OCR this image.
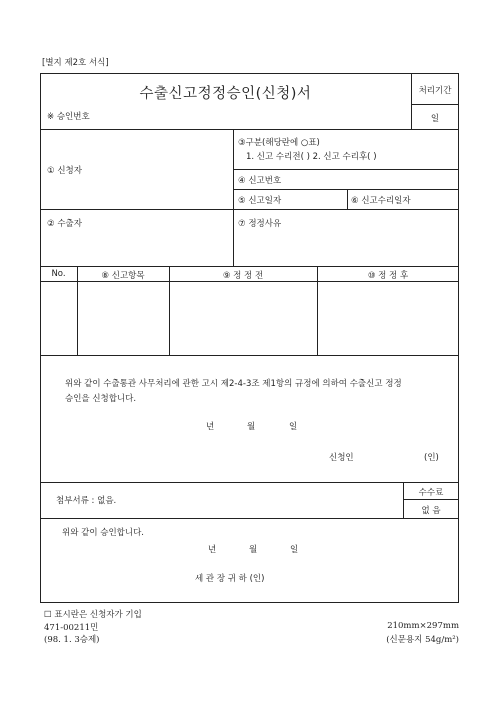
[별지 제2호 서식]
수출신고정정승인(신청)서
※ 승인번호
처리기간
일
① 신청자
② 수출자
③구분(해당란에 ○표)
1. 신고 수리전( ) 2. 신고 수리후( )
④ 신고번호
⑤ 신고일자	⑥ 신고수리일자
⑦ 정정사유
No.	⑧ 신고항목	⑨ 정 정 전	⑩ 정 정 후
위와 같이 수출통관 사무처리에 관한 고시 제2-4-3조 제1항의 규정에 의하여 수출신고 정정
승인을 신청합니다.
년	월	일
신청인	(인)
첨부서류 : 없음.
수수료
없 음
위와 같이 승인합니다.
년	월	일
세 관 장 귀 하 (인)
☐ 표시란은 신청자가 기입
471-00211민
(98. 1. 3승제)
210mm×297mm
(신문용지 54g/m²)
